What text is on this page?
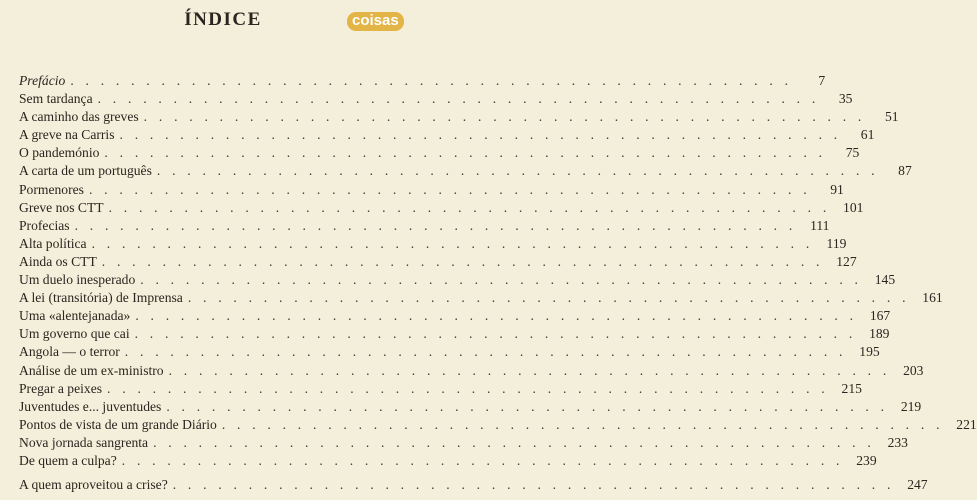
ÍNDICE	coisas
Prefácio . . . . . . . . . . . . . . . . . . . . . . . . . . . . . . . . . . . . . . . . . . . . . . . .	7
Sem tardança . . . . . . . . . . . . . . . . . . . . . . . . . . . . . . . . . . . . . . . . . . . . . . . .	35
A caminho das greves . . . . . . . . . . . . . . . . . . . . . . . . . . . . . . . . . . . . . . . . . . . . . . . .	51
A greve na Carris . . . . . . . . . . . . . . . . . . . . . . . . . . . . . . . . . . . . . . . . . . . . . . . .	61
O pandemónio . . . . . . . . . . . . . . . . . . . . . . . . . . . . . . . . . . . . . . . . . . . . . . . .	75
A carta de um português . . . . . . . . . . . . . . . . . . . . . . . . . . . . . . . . . . . . . . . . . . . . . . . .	87
Pormenores . . . . . . . . . . . . . . . . . . . . . . . . . . . . . . . . . . . . . . . . . . . . . . . .	91
Greve nos CTT . . . . . . . . . . . . . . . . . . . . . . . . . . . . . . . . . . . . . . . . . . . . . . . . 101
Profecias . . . . . . . . . . . . . . . . . . . . . . . . . . . . . . . . . . . . . . . . . . . . . . . .	111
Alta política . . . . . . . . . . . . . . . . . . . . . . . . . . . . . . . . . . . . . . . . . . . . . . . . 119
Ainda os CTT . . . . . . . . . . . . . . . . . . . . . . . . . . . . . . . . . . . . . . . . . . . . . . . . 127
Um duelo inesperado . . . . . . . . . . . . . . . . . . . . . . . . . . . . . . . . . . . . . . . . . . . . . . . . 145
A lei (transitória) de Imprensa . . . . . . . . . . . . . . . . . . . . . . . . . . . . . . . . . . . . . . . . . . . . . . . . 161
Uma «alentejanada» . . . . . . . . . . . . . . . . . . . . . . . . . . . . . . . . . . . . . . . . . . . . . . . . 167
Um governo que cai . . . . . . . . . . . . . . . . . . . . . . . . . . . . . . . . . . . . . . . . . . . . . . . . 189
Angola — o terror . . . . . . . . . . . . . . . . . . . . . . . . . . . . . . . . . . . . . . . . . . . . . . . . 195
Análise de um ex-ministro . . . . . . . . . . . . . . . . . . . . . . . . . . . . . . . . . . . . . . . . . . . . . . . . 203
Pregar a peixes . . . . . . . . . . . . . . . . . . . . . . . . . . . . . . . . . . . . . . . . . . . . . . . . 215
Juventudes e... juventudes . . . . . . . . . . . . . . . . . . . . . . . . . . . . . . . . . . . . . . . . . . . . . . . . 219
Pontos de vista de um grande Diário . . . . . . . . . . . . . . . . . . . . . . . . . . . . . . . . . . . . . . . . . . . . . . . . 221
Nova jornada sangrenta . . . . . . . . . . . . . . . . . . . . . . . . . . . . . . . . . . . . . . . . . . . . . . . . 233
De quem a culpa? . . . . . . . . . . . . . . . . . . . . . . . . . . . . . . . . . . . . . . . . . . . . . . . . 239
A quem aproveitou a crise? . . . . . . . . . . . . . . . . . . . . . . . . . . . . . . . . . . . . . . . . . . . . . . . . 247
